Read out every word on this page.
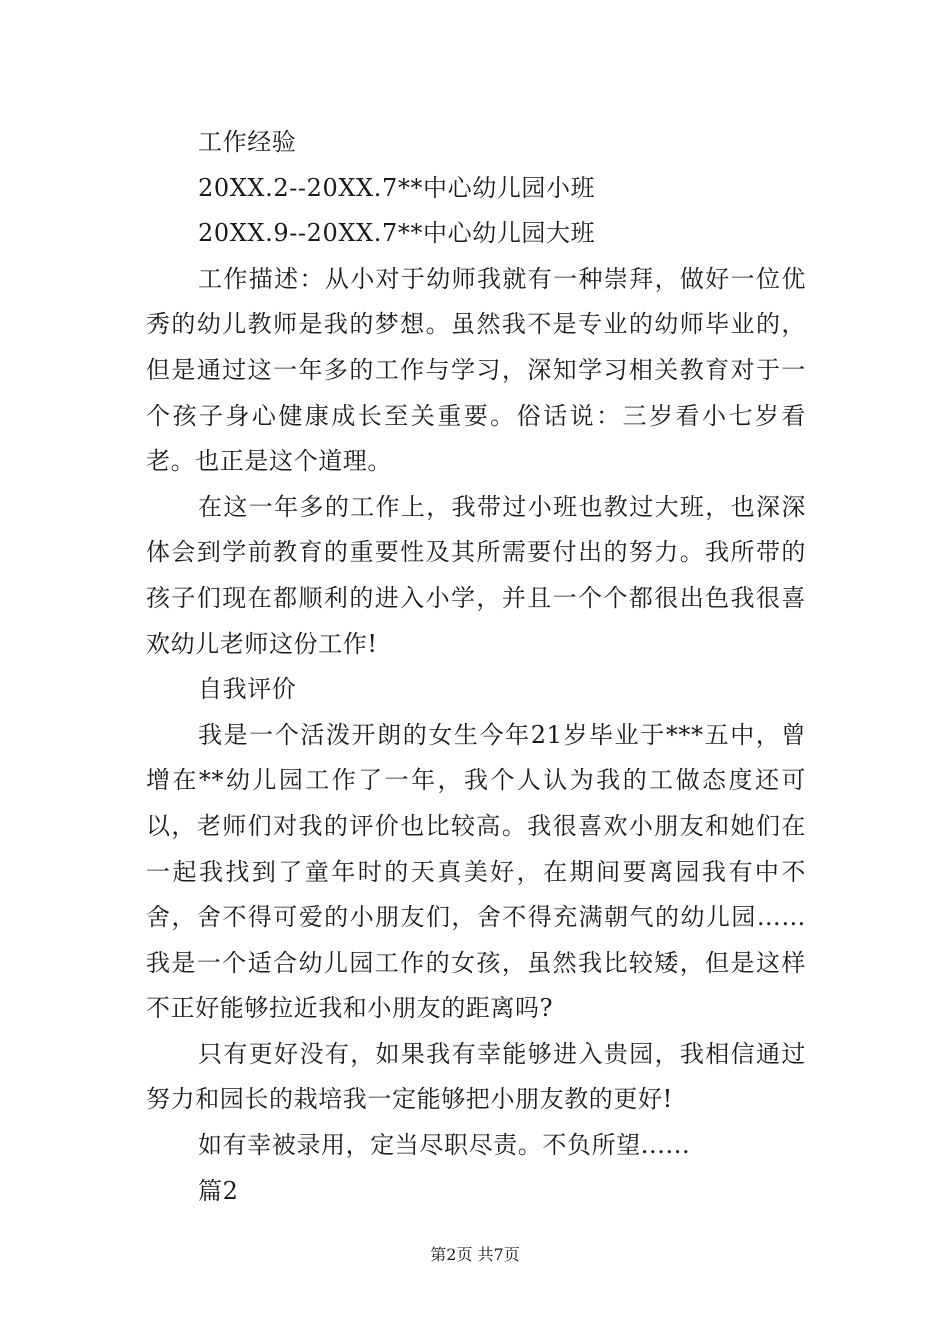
工作经验

20XX.2--20XX.7**中心幼儿园小班

20XX.9--20XX.7**中心幼儿园大班

工作描述：从小对于幼师我就有一种崇拜，做好一位优秀的幼儿教师是我的梦想。虽然我不是专业的幼师毕业的，但是通过这一年多的工作与学习，深知学习相关教育对于一个孩子身心健康成长至关重要。俗话说：三岁看小七岁看老。也正是这个道理。

在这一年多的工作上，我带过小班也教过大班，也深深体会到学前教育的重要性及其所需要付出的努力。我所带的孩子们现在都顺利的进入小学，并且一个个都很出色我很喜欢幼儿老师这份工作!

自我评价

我是一个活泼开朗的女生今年21岁毕业于***五中，曾增在**幼儿园工作了一年，我个人认为我的工做态度还可以，老师们对我的评价也比较高。我很喜欢小朋友和她们在一起我找到了童年时的天真美好，在期间要离园我有中不舍，舍不得可爱的小朋友们，舍不得充满朝气的幼儿园……我是一个适合幼儿园工作的女孩，虽然我比较矮，但是这样不正好能够拉近我和小朋友的距离吗?

只有更好没有，如果我有幸能够进入贵园，我相信通过努力和园长的栽培我一定能够把小朋友教的更好!

如有幸被录用，定当尽职尽责。不负所望......

篇2

第2页 共7页
